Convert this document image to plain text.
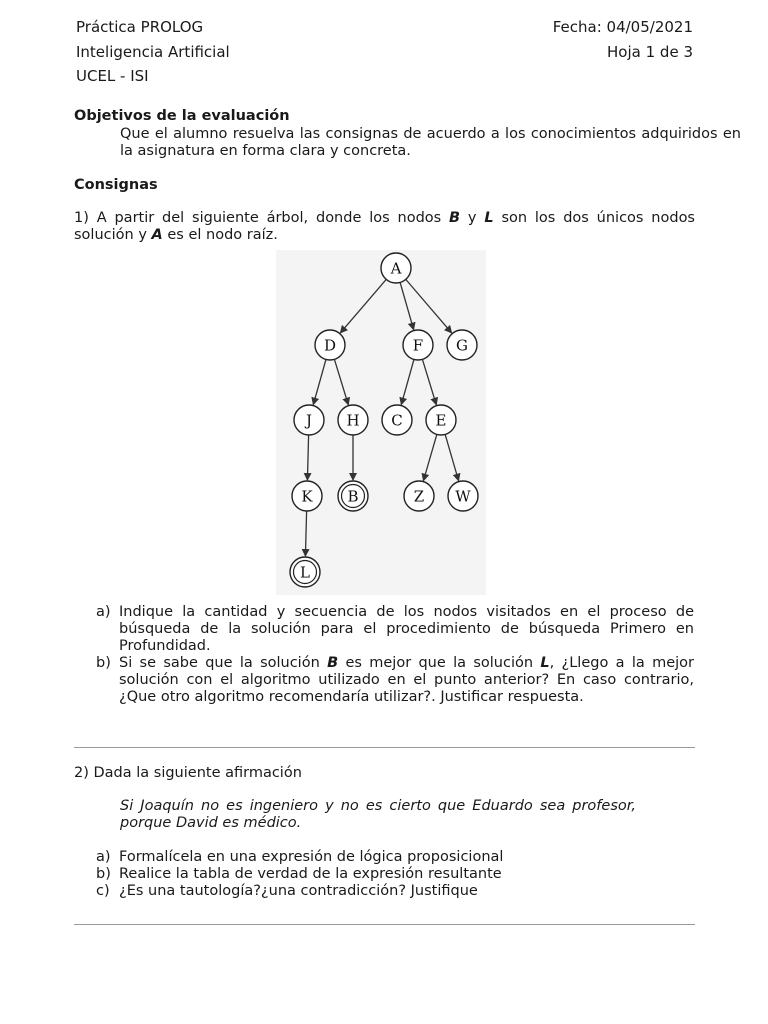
Práctica PROLOG	Fecha: 04/05/2021
Inteligencia Artificial	Hoja 1 de 3
UCEL - ISI
Objetivos de la evaluación
Que el alumno resuelva las consignas de acuerdo a los conocimientos adquiridos en la asignatura en forma clara y concreta.
Consignas
1) A partir del siguiente árbol, donde los nodos B y L son los dos únicos nodos solución y A es el nodo raíz.
A
D	F G
J H C E
K B	Z W
L
a) Indique la cantidad y secuencia de los nodos visitados en el proceso de búsqueda de la solución para el procedimiento de búsqueda Primero en Profundidad.
b) Si se sabe que la solución B es mejor que la solución L, ¿Llego a la mejor solución con el algoritmo utilizado en el punto anterior? En caso contrario, ¿Que otro algoritmo recomendaría utilizar?. Justificar respuesta.
2) Dada la siguiente afirmación
Si Joaquín no es ingeniero y no es cierto que Eduardo sea profesor, porque David es médico.
a) Formalícela en una expresión de lógica proposicional
b) Realice la tabla de verdad de la expresión resultante
c) ¿Es una tautología?¿una contradicción? Justifique
